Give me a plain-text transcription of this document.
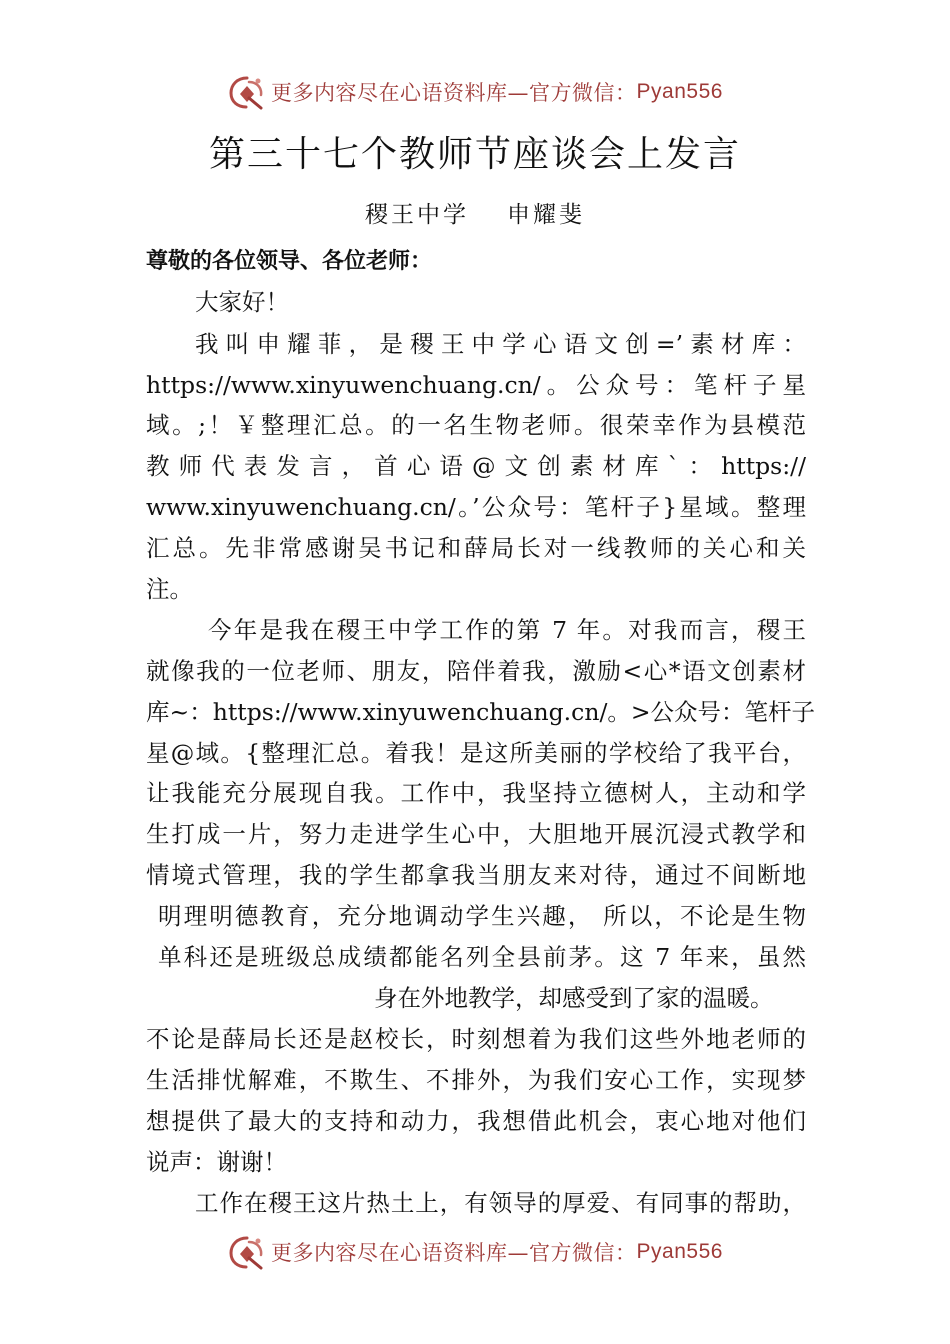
更多内容尽在心语资料库—官方微信： Pyan556
第三十七个教师节座谈会上发言
稷王中学 申耀斐
尊敬的各位领导、各位老师：
大家好！
我叫申耀菲，是稷王中学心语文创=’素材库：
https://www.xinyuwenchuang.cn/。公众号：笔杆子星
域。;！￥整理汇总。的一名生物老师。很荣幸作为县模范
教师代表发言，首心语@文创素材库`：https://
www.xinyuwenchuang.cn/。’公众号：笔杆子}星域。整理
汇总。先非常感谢吴书记和薛局长对一线教师的关心和关
注。
今年是我在稷王中学工作的第 7 年。对我而言，稷王
就像我的一位老师、朋友，陪伴着我，激励<心*语文创素材
库~：https://www.xinyuwenchuang.cn/。>公众号：笔杆子
星@域。{整理汇总。着我！是这所美丽的学校给了我平台，
让我能充分展现自我。工作中，我坚持立德树人，主动和学
生打成一片，努力走进学生心中，大胆地开展沉浸式教学和
情境式管理，我的学生都拿我当朋友来对待，通过不间断地
明理明德教育，充分地调动学生兴趣， 所以，不论是生物
单科还是班级总成绩都能名列全县前茅。这 7 年来，虽然
身在外地教学，却感受到了家的温暖。
不论是薛局长还是赵校长，时刻想着为我们这些外地老师的
生活排忧解难，不欺生、不排外，为我们安心工作，实现梦
想提供了最大的支持和动力，我想借此机会，衷心地对他们
说声：谢谢！
工作在稷王这片热土上，有领导的厚爱、有同事的帮助，
更多内容尽在心语资料库—官方微信： Pyan556
